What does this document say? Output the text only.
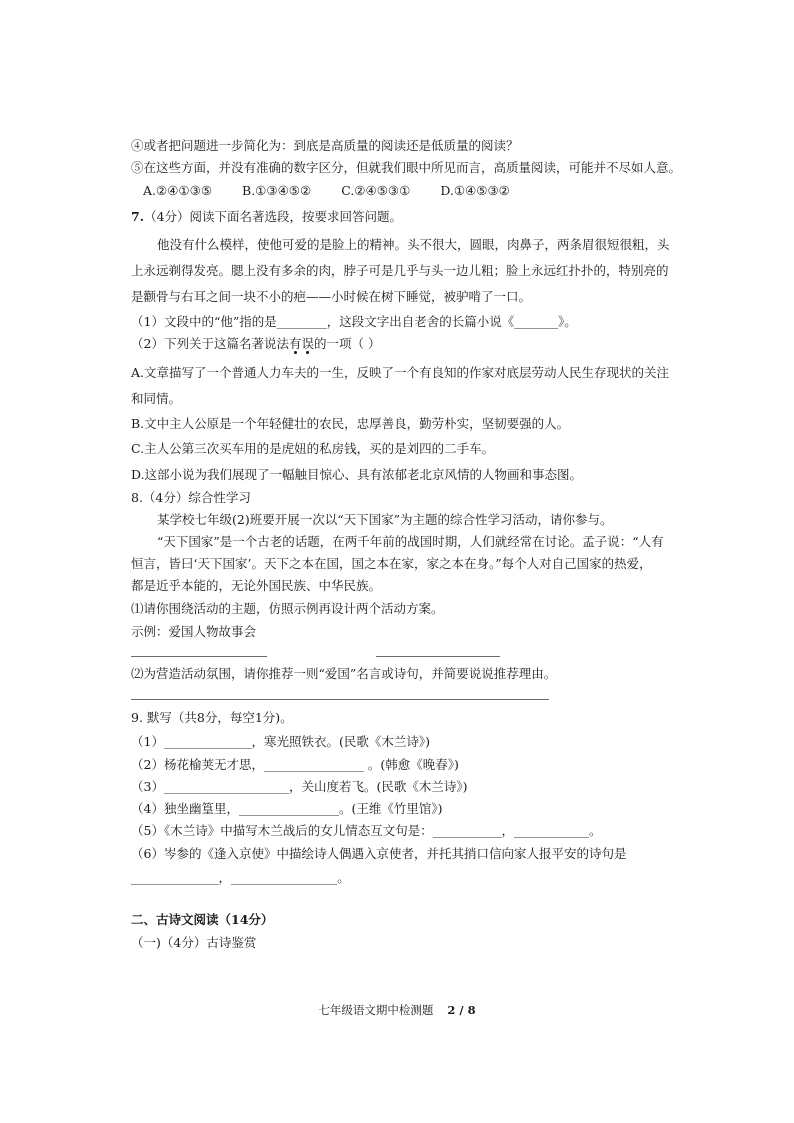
④或者把问题进一步简化为：到底是高质量的阅读还是低质量的阅读？
⑤在这些方面，并没有准确的数字区分，但就我们眼中所见而言，高质量阅读，可能并不尽如人意。
A.②④①③⑤ B.①③④⑤② C.②④⑤③① D.①④⑤③②
7.（4分）阅读下面名著选段，按要求回答问题。
他没有什么模样，使他可爱的是脸上的精神。头不很大，圆眼，肉鼻子，两条眉很短很粗，头
上永远剃得发亮。腮上没有多余的肉，脖子可是几乎与头一边儿粗；脸上永远红扑扑的，特别亮的
是颧骨与右耳之间一块不小的疤——小时候在树下睡觉，被驴啃了一口。
（1）文段中的“他”指的是________，这段文字出自老舍的长篇小说《_______》。
（2）下列关于这篇名著说法有误的一项（ ）
A.文章描写了一个普通人力车夫的一生，反映了一个有良知的作家对底层劳动人民生存现状的关注
和同情。
B.文中主人公原是一个年轻健壮的农民，忠厚善良，勤劳朴实，坚韧要强的人。
C.主人公第三次买车用的是虎妞的私房钱，买的是刘四的二手车。
D.这部小说为我们展现了一幅触目惊心、具有浓郁老北京风情的人物画和事态图。
8.（4分）综合性学习
某学校七年级(2)班要开展一次以“天下国家”为主题的综合性学习活动，请你参与。
“天下国家”是一个古老的话题，在两千年前的战国时期，人们就经常在讨论。孟子说：“人有
恒言，皆曰‘天下国家’。天下之本在国，国之本在家，家之本在身。”每个人对自己国家的热爱，
都是近乎本能的，无论外国民族、中华民族。
⑴请你围绕活动的主题，仿照示例再设计两个活动方案。
示例：爱国人物故事会
⑵为营造活动氛围，请你推荐一则“爱国”名言或诗句，并简要说说推荐理由。
9. 默写（共8分，每空1分)。
（1）______________，寒光照铁衣。(民歌《木兰诗》)
（2）杨花榆荚无才思，________________ 。(韩愈《晚春》)
（3）____________________，关山度若飞。(民歌《木兰诗》)
（4）独坐幽篁里，________________。(王维《竹里馆》)
（5）《木兰诗》中描写木兰战后的女儿情态互文句是：___________，____________。
（6）岑参的《逢入京使》中描绘诗人偶遇入京使者，并托其捎口信向家人报平安的诗句是
______________，_________________。
二、古诗文阅读（14分）
（一)（4分）古诗鉴赏
七年级语文期中检测题 2 / 8
